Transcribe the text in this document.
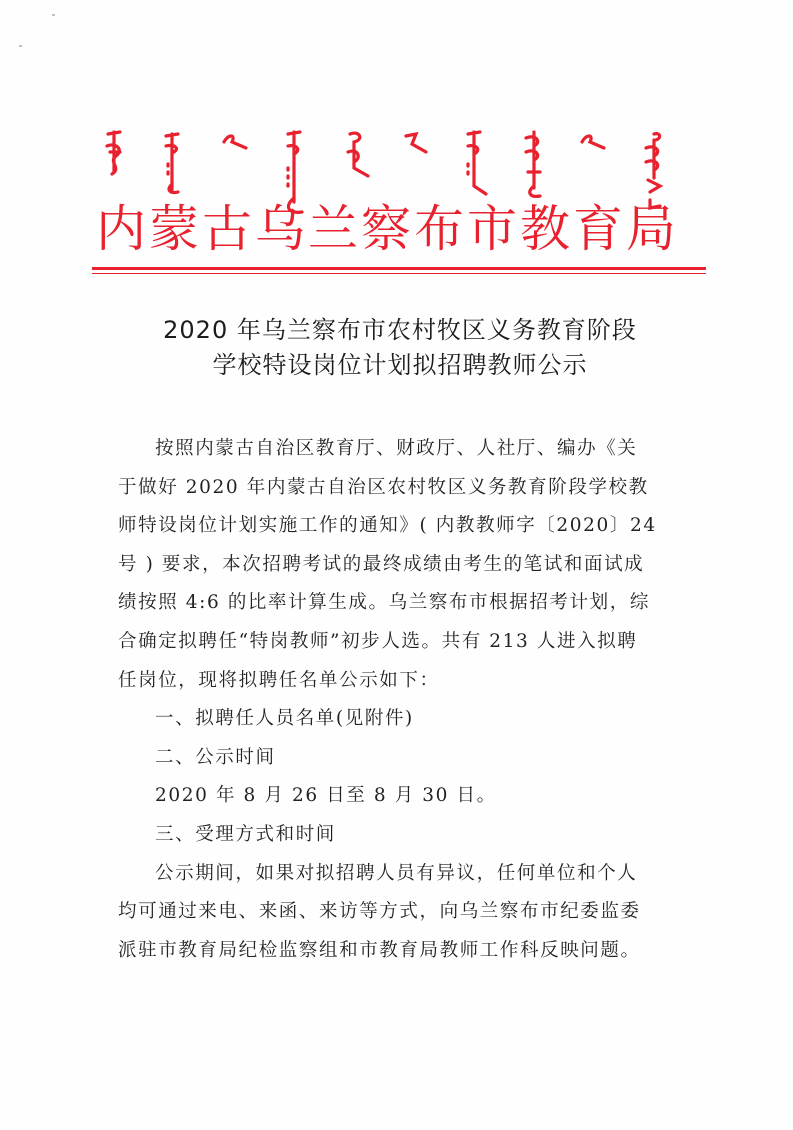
内蒙古乌兰察布市教育局
2020 年乌兰察布市农村牧区义务教育阶段
学校特设岗位计划拟招聘教师公示

按照内蒙古自治区教育厅、财政厅、人社厅、编办《关

于做好 2020 年内蒙古自治区农村牧区义务教育阶段学校教

师特设岗位计划实施工作的通知》( 内教教师字〔2020〕24

号 ) 要求，本次招聘考试的最终成绩由考生的笔试和面试成

绩按照 4:6 的比率计算生成。乌兰察布市根据招考计划，综

合确定拟聘任“特岗教师”初步人选。共有 213 人进入拟聘

任岗位，现将拟聘任名单公示如下：

一、拟聘任人员名单(见附件)

二、公示时间

2020 年 8 月 26 日至 8 月 30 日。

三、受理方式和时间

公示期间，如果对拟招聘人员有异议，任何单位和个人

均可通过来电、来函、来访等方式，向乌兰察布市纪委监委

派驻市教育局纪检监察组和市教育局教师工作科反映问题。
